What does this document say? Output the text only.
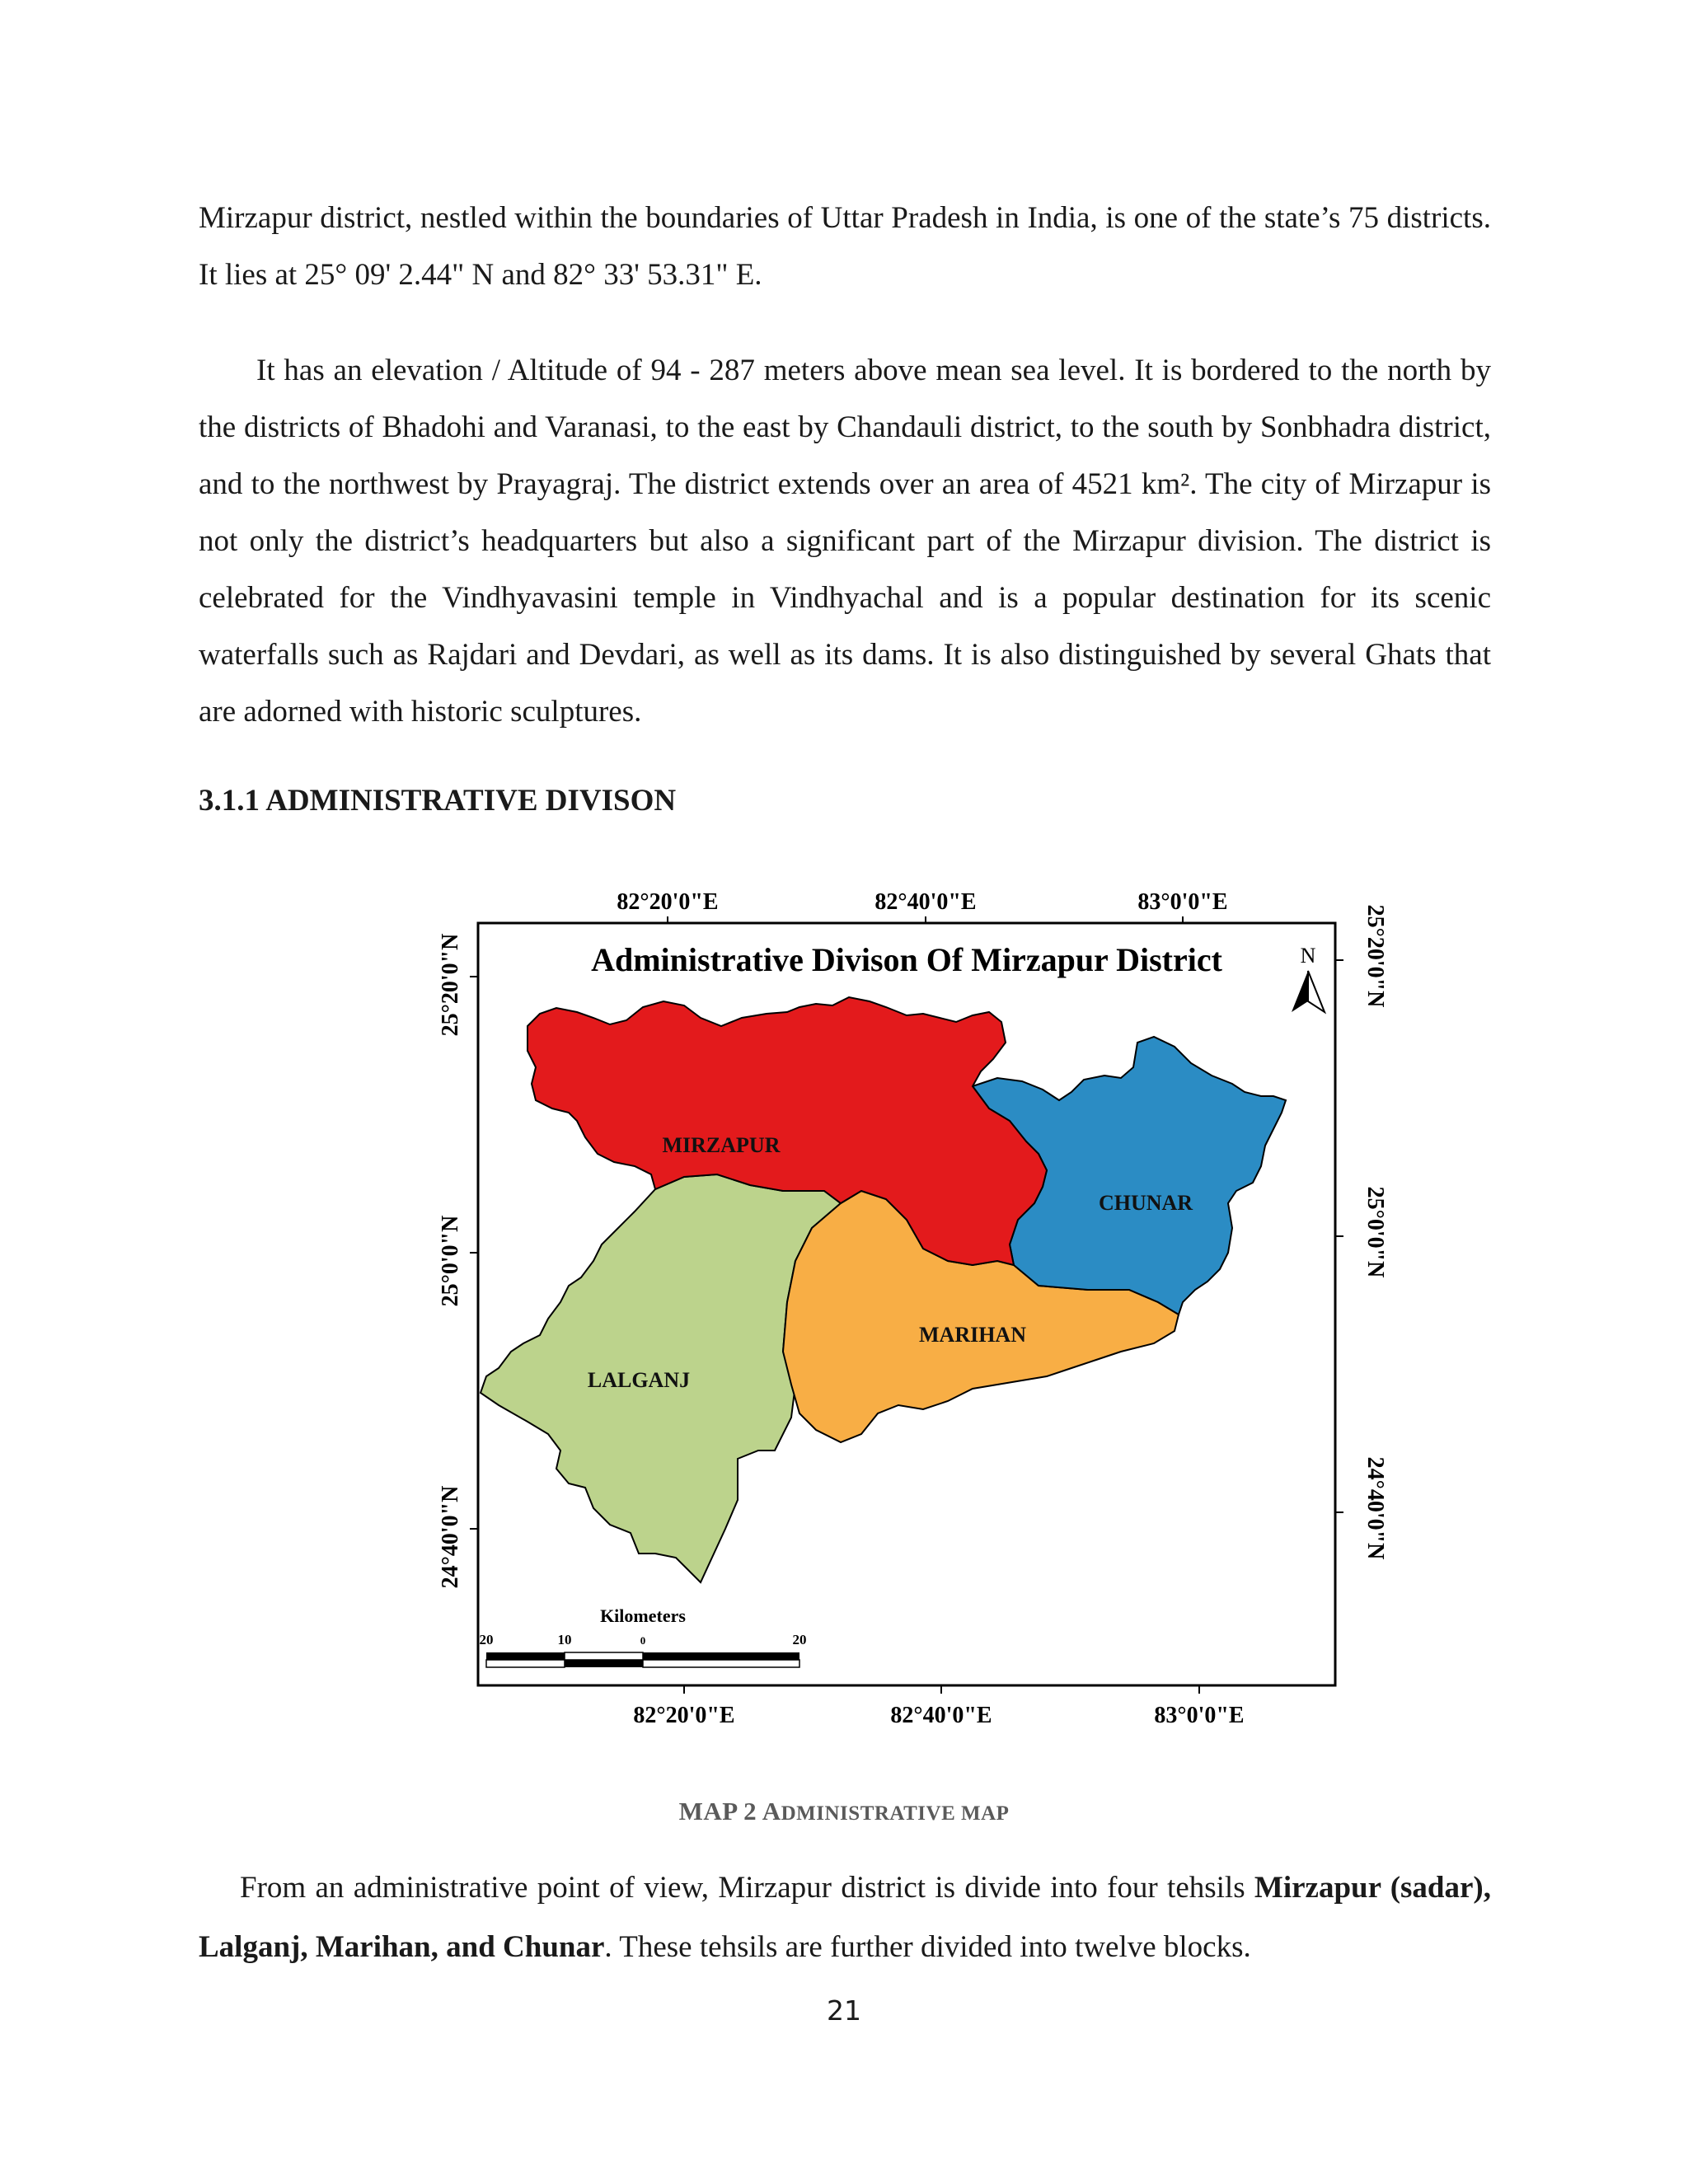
Mirzapur district, nestled within the boundaries of Uttar Pradesh in India, is one of the state’s 75 districts. It lies at 25° 09' 2.44" N and 82° 33' 53.31" E.

It has an elevation / Altitude of 94 - 287 meters above mean sea level. It is bordered to the north by the districts of Bhadohi and Varanasi, to the east by Chandauli district, to the south by Sonbhadra district, and to the northwest by Prayagraj. The district extends over an area of 4521 km². The city of Mirzapur is not only the district’s headquarters but also a significant part of the Mirzapur division. The district is celebrated for the Vindhyavasini temple in Vindhyachal and is a popular destination for its scenic waterfalls such as Rajdari and Devdari, as well as its dams. It is also distinguished by several Ghats that are adorned with historic sculptures.

3.1.1 ADMINISTRATIVE DIVISON
82°20'0"E	82°40'0"E	83°0'0"E
82°20'0"E	82°40'0"E	83°0'0"E
25°20'0"N
25°0'0"N
24°40'0"N
25°20'0"N
25°0'0"N
24°40'0"N
Administrative Divison Of Mirzapur District	N
MIRZAPUR
CHUNAR
MARIHAN
LALGANJ
Kilometers
20	10	0	20
MAP 2 ADMINISTRATIVE MAP

From an administrative point of view, Mirzapur district is divide into four tehsils Mirzapur (sadar), Lalganj, Marihan, and Chunar. These tehsils are further divided into twelve blocks.

21
